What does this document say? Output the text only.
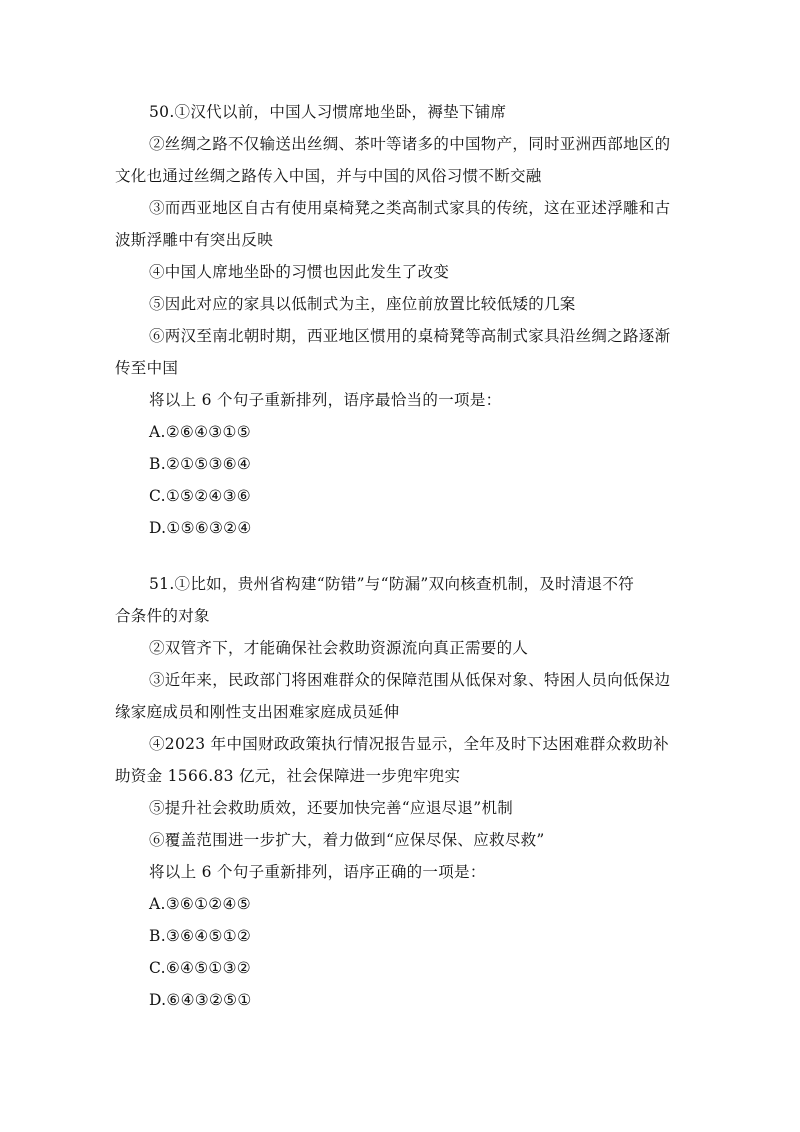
50.①汉代以前，中国人习惯席地坐卧，褥垫下铺席
②丝绸之路不仅输送出丝绸、茶叶等诸多的中国物产，同时亚洲西部地区的
文化也通过丝绸之路传入中国，并与中国的风俗习惯不断交融
③而西亚地区自古有使用桌椅凳之类高制式家具的传统，这在亚述浮雕和古
波斯浮雕中有突出反映
④中国人席地坐卧的习惯也因此发生了改变
⑤因此对应的家具以低制式为主，座位前放置比较低矮的几案
⑥两汉至南北朝时期，西亚地区惯用的桌椅凳等高制式家具沿丝绸之路逐渐
传至中国
将以上 6 个句子重新排列，语序最恰当的一项是：
A.②⑥④③①⑤
B.②①⑤③⑥④
C.①⑤②④③⑥
D.①⑤⑥③②④
51.①比如，贵州省构建“防错”与“防漏”双向核查机制，及时清退不符
合条件的对象
②双管齐下，才能确保社会救助资源流向真正需要的人
③近年来，民政部门将困难群众的保障范围从低保对象、特困人员向低保边
缘家庭成员和刚性支出困难家庭成员延伸
④2023 年中国财政政策执行情况报告显示，全年及时下达困难群众救助补
助资金 1566.83 亿元，社会保障进一步兜牢兜实
⑤提升社会救助质效，还要加快完善“应退尽退”机制
⑥覆盖范围进一步扩大，着力做到“应保尽保、应救尽救”
将以上 6 个句子重新排列，语序正确的一项是：
A.③⑥①②④⑤
B.③⑥④⑤①②
C.⑥④⑤①③②
D.⑥④③②⑤①
